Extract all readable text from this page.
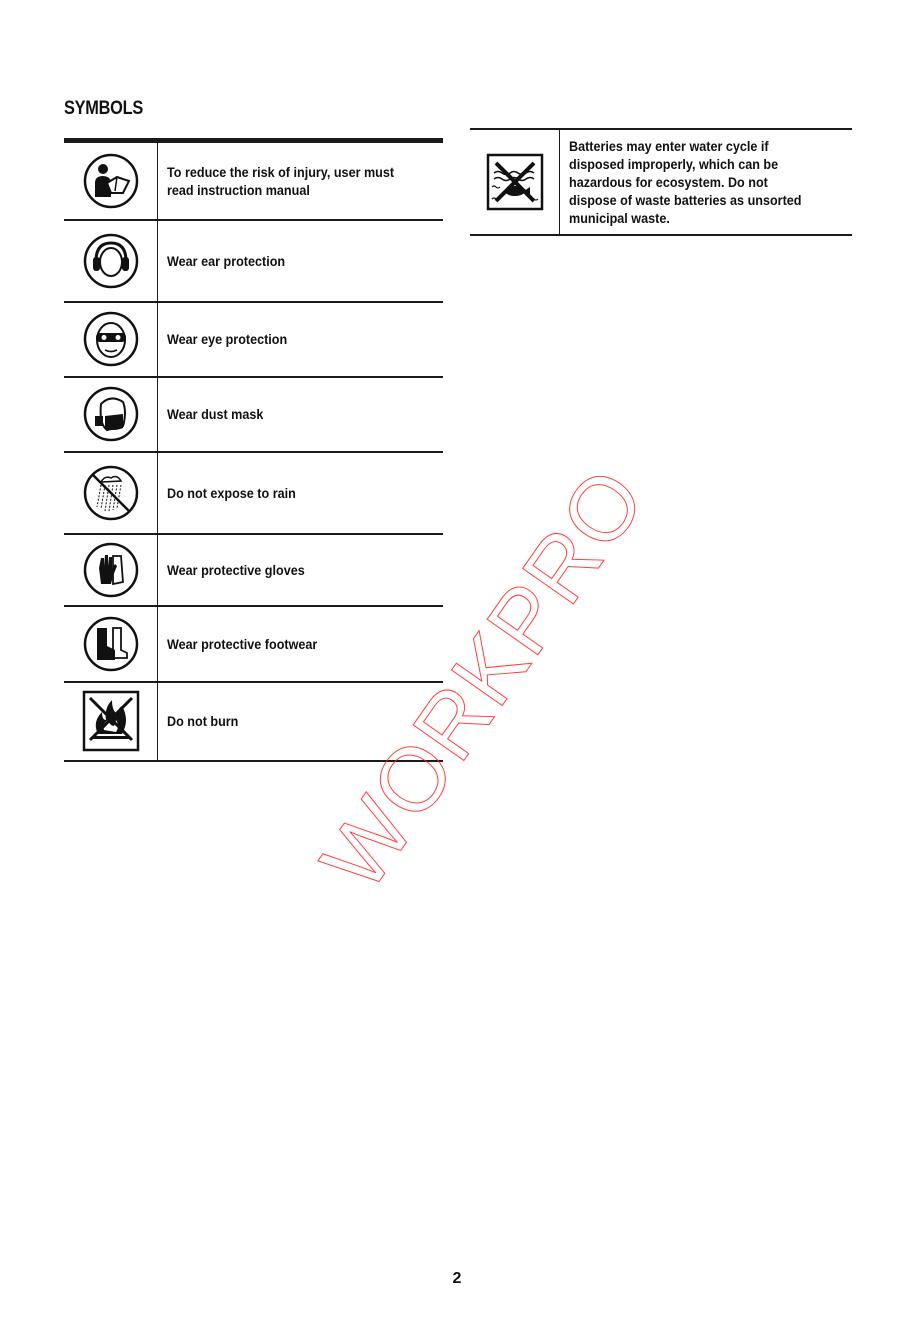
SYMBOLS
	To reduce the risk of injury, user must
read instruction manual

	Wear ear protection

	Wear eye protection

	Wear dust mask

	Do not expose to rain

	Wear protective gloves

	Wear protective footwear

	Do not burn
	Batteries may enter water cycle if
disposed improperly, which can be
hazardous for ecosystem. Do not
dispose of waste batteries as unsorted
municipal waste.
WORKPRO
2
